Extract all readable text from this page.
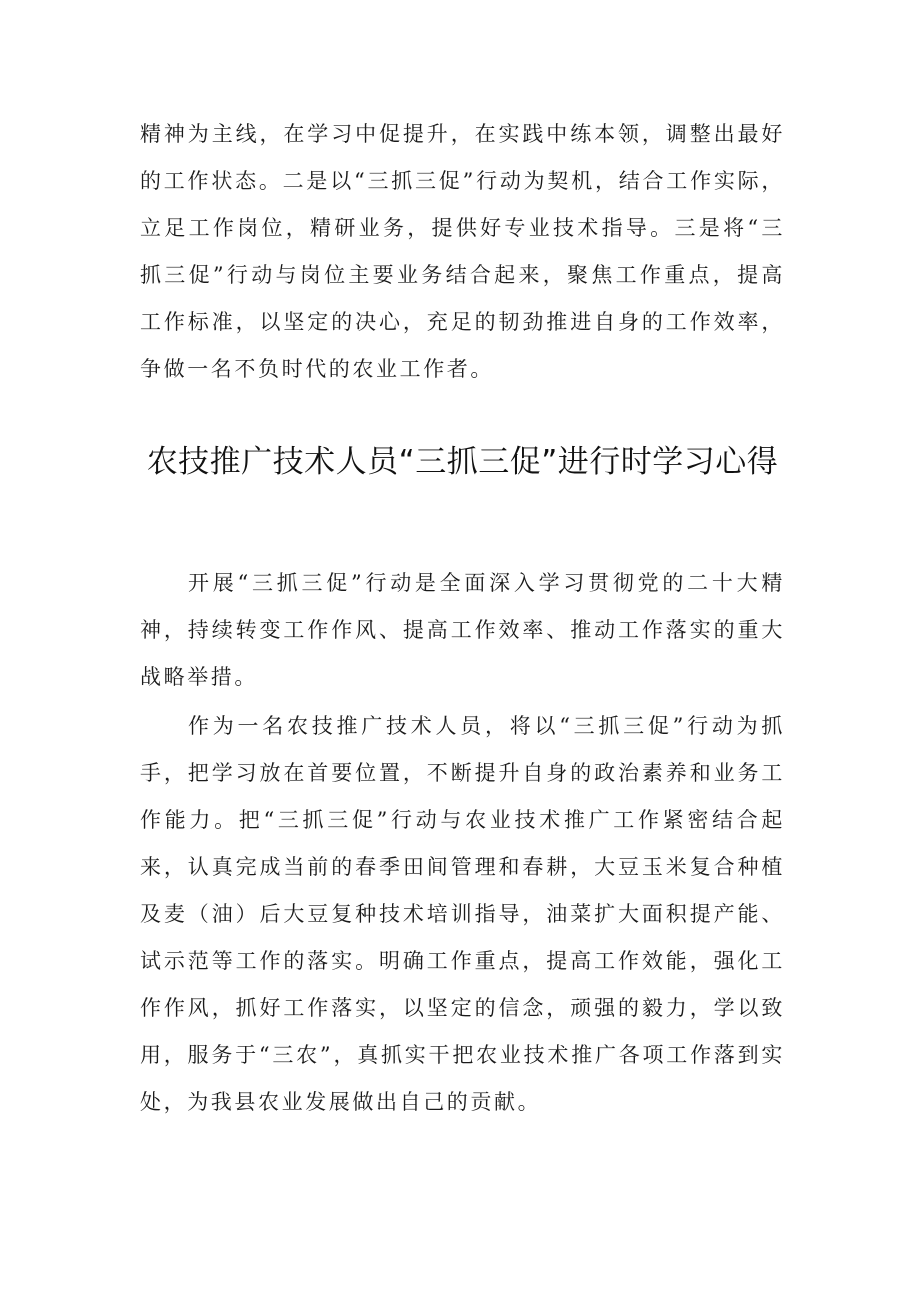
精神为主线，在学习中促提升，在实践中练本领，调整出最好的工作状态。二是以“三抓三促”行动为契机，结合工作实际，立足工作岗位，精研业务，提供好专业技术指导。三是将“三抓三促”行动与岗位主要业务结合起来，聚焦工作重点，提高工作标准，以坚定的决心，充足的韧劲推进自身的工作效率，争做一名不负时代的农业工作者。

农技推广技术人员“三抓三促”进行时学习心得

开展“三抓三促”行动是全面深入学习贯彻党的二十大精神，持续转变工作作风、提高工作效率、推动工作落实的重大战略举措。

作为一名农技推广技术人员，将以“三抓三促”行动为抓手，把学习放在首要位置，不断提升自身的政治素养和业务工作能力。把“三抓三促”行动与农业技术推广工作紧密结合起来，认真完成当前的春季田间管理和春耕，大豆玉米复合种植及麦（油）后大豆复种技术培训指导，油菜扩大面积提产能、试示范等工作的落实。明确工作重点，提高工作效能，强化工作作风，抓好工作落实，以坚定的信念，顽强的毅力，学以致用，服务于“三农”，真抓实干把农业技术推广各项工作落到实处，为我县农业发展做出自己的贡献。
